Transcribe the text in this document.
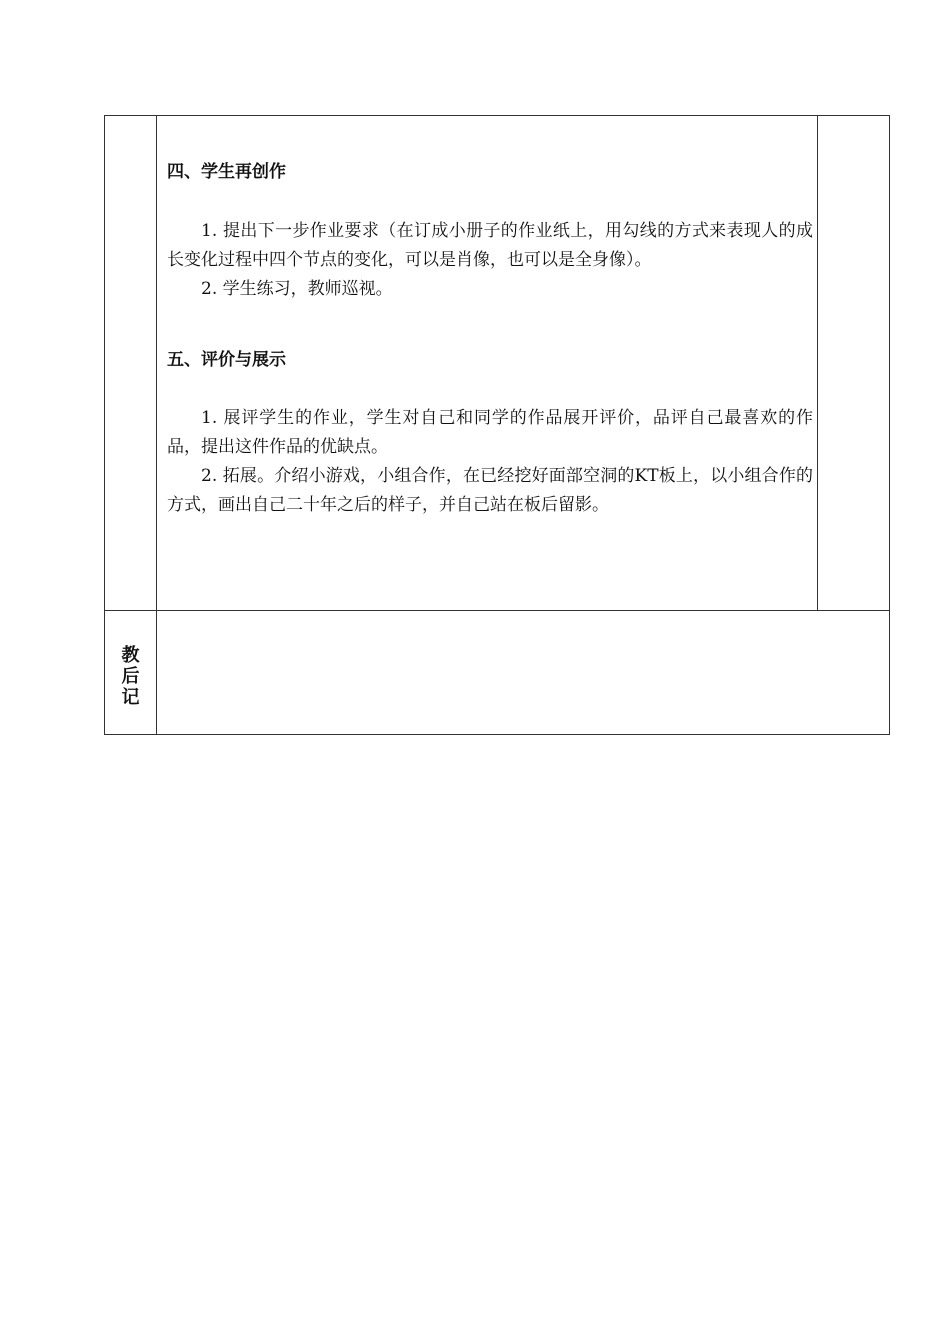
四、学生再创作
1. 提出下一步作业要求（在订成小册子的作业纸上，用勾线的方式来表现人的成长变化过程中四个节点的变化，可以是肖像，也可以是全身像）。
2. 学生练习，教师巡视。
五、评价与展示
1. 展评学生的作业，学生对自己和同学的作品展开评价，品评自己最喜欢的作品，提出这件作品的优缺点。
2. 拓展。介绍小游戏，小组合作，在已经挖好面部空洞的KT板上，以小组合作的方式，画出自己二十年之后的样子，并自己站在板后留影。
教
后
记
